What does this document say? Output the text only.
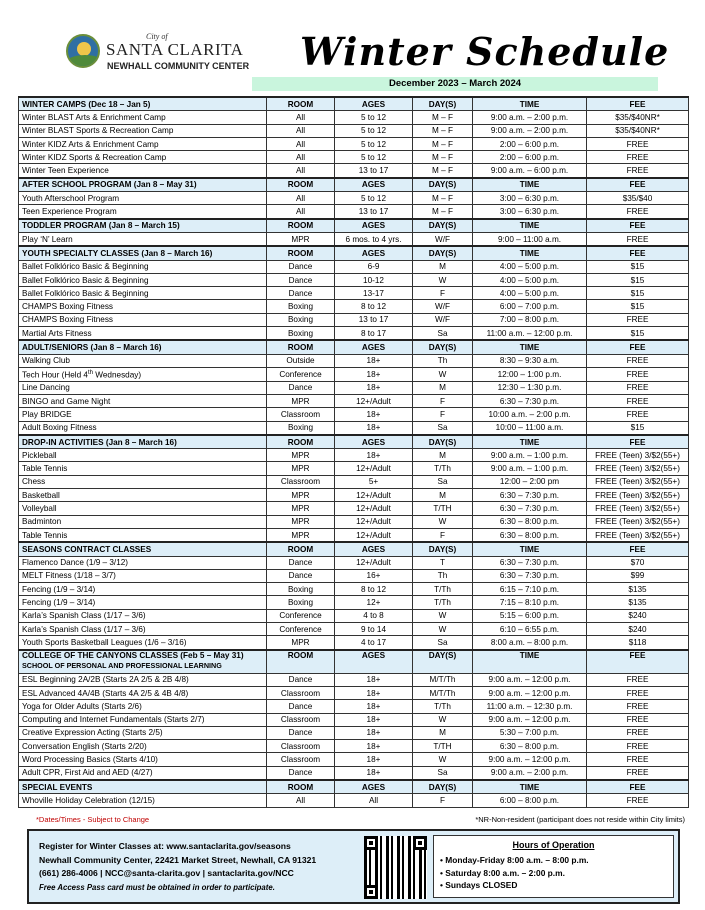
City of
SANTA CLARITA
NEWHALL COMMUNITY CENTER Winter Schedule
December 2023 – March 2024
WINTER CAMPS (Dec 18 – Jan 5)	ROOM	AGES	DAY(S)	TIME	FEE
Winter BLAST Arts & Enrichment Camp	All	5 to 12	M – F	9:00 a.m. – 2:00 p.m.	$35/$40NR*
Winter BLAST Sports & Recreation Camp	All	5 to 12	M – F	9:00 a.m. – 2:00 p.m.	$35/$40NR*
Winter KIDZ Arts & Enrichment Camp	All	5 to 12	M – F	2:00 – 6:00 p.m.	FREE
Winter KIDZ Sports & Recreation Camp	All	5 to 12	M – F	2:00 – 6:00 p.m.	FREE
Winter Teen Experience	All	13 to 17	M – F	9:00 a.m. – 6:00 p.m.	FREE

AFTER SCHOOL PROGRAM (Jan 8 – May 31)	ROOM	AGES	DAY(S)	TIME	FEE
Youth Afterschool Program	All	5 to 12	M – F	3:00 – 6:30 p.m.	$35/$40
Teen Experience Program	All	13 to 17	M – F	3:00 – 6:30 p.m.	FREE

TODDLER PROGRAM (Jan 8 – March 15)	ROOM	AGES	DAY(S)	TIME	FEE
Play ‘N’ Learn	MPR	6 mos. to 4 yrs.	W/F	9:00 – 11:00 a.m.	FREE

YOUTH SPECIALTY CLASSES (Jan 8 – March 16)	ROOM	AGES	DAY(S)	TIME	FEE
Ballet Folklórico Basic & Beginning	Dance	6-9	M	4:00 – 5:00 p.m.	$15
Ballet Folklórico Basic & Beginning	Dance	10-12	W	4:00 – 5:00 p.m.	$15
Ballet Folklórico Basic & Beginning	Dance	13-17	F	4:00 – 5:00 p.m.	$15
CHAMPS Boxing Fitness	Boxing	8 to 12	W/F	6:00 – 7:00 p.m.	$15
CHAMPS Boxing Fitness	Boxing	13 to 17	W/F	7:00 – 8:00 p.m.	FREE
Martial Arts Fitness	Boxing	8 to 17	Sa	11:00 a.m. – 12:00 p.m.	$15

ADULT/SENIORS (Jan 8 – March 16)	ROOM	AGES	DAY(S)	TIME	FEE
Walking Club	Outside	18+	Th	8:30 – 9:30 a.m.	FREE
Tech Hour (Held 4th Wednesday)	Conference	18+	W	12:00 – 1:00 p.m.	FREE
Line Dancing	Dance	18+	M	12:30 – 1:30 p.m.	FREE
BINGO and Game Night	MPR	12+/Adult	F	6:30 – 7:30 p.m.	FREE
Play BRIDGE	Classroom	18+	F	10:00 a.m. – 2:00 p.m.	FREE
Adult Boxing Fitness	Boxing	18+	Sa	10:00 – 11:00 a.m.	$15

DROP-IN ACTIVITIES (Jan 8 – March 16)	ROOM	AGES	DAY(S)	TIME	FEE
Pickleball	MPR	18+	M	9:00 a.m. – 1:00 p.m.	FREE (Teen) 3/$2(55+)
Table Tennis	MPR	12+/Adult	T/Th	9:00 a.m. – 1:00 p.m.	FREE (Teen) 3/$2(55+)
Chess	Classroom	5+	Sa	12:00 – 2:00 pm	FREE (Teen) 3/$2(55+)
Basketball	MPR	12+/Adult	M	6:30 – 7:30 p.m.	FREE (Teen) 3/$2(55+)
Volleyball	MPR	12+/Adult	T/TH	6:30 – 7:30 p.m.	FREE (Teen) 3/$2(55+)
Badminton	MPR	12+/Adult	W	6:30 – 8:00 p.m.	FREE (Teen) 3/$2(55+)
Table Tennis	MPR	12+/Adult	F	6:30 – 8:00 p.m.	FREE (Teen) 3/$2(55+)

SEASONS CONTRACT CLASSES	ROOM	AGES	DAY(S)	TIME	FEE
Flamenco Dance (1/9 – 3/12)	Dance	12+/Adult	T	6:30 – 7:30 p.m.	$70
MELT Fitness (1/18 – 3/7)	Dance	16+	Th	6:30 – 7:30 p.m.	$99
Fencing (1/9 – 3/14)	Boxing	8 to 12	T/Th	6:15 – 7:10 p.m.	$135
Fencing (1/9 – 3/14)	Boxing	12+	T/Th	7:15 – 8:10 p.m.	$135
Karla’s Spanish Class (1/17 – 3/6)	Conference	4 to 8	W	5:15 – 6:00 p.m.	$240
Karla’s Spanish Class (1/17 – 3/6)	Conference	9 to 14	W	6:10 – 6:55 p.m.	$240
Youth Sports Basketball Leagues (1/6 – 3/16)	MPR	4 to 17	Sa	8:00 a.m. – 8:00 p.m.	$118

COLLEGE OF THE CANYONS CLASSES (Feb 5 – May 31)
SCHOOL OF PERSONAL AND PROFESSIONAL LEARNING	ROOM	AGES	DAY(S)	TIME	FEE
ESL Beginning 2A/2B (Starts 2A 2/5 & 2B 4/8)	Dance	18+	M/T/Th	9:00 a.m. – 12:00 p.m.	FREE
ESL Advanced 4A/4B (Starts 4A 2/5 & 4B 4/8)	Classroom	18+	M/T/Th	9:00 a.m. – 12:00 p.m.	FREE
Yoga for Older Adults (Starts 2/6)	Dance	18+	T/Th	11:00 a.m. – 12:30 p.m.	FREE
Computing and Internet Fundamentals (Starts 2/7)	Classroom	18+	W	9:00 a.m. – 12:00 p.m.	FREE
Creative Expression Acting (Starts 2/5)	Dance	18+	M	5:30 – 7:00 p.m.	FREE
Conversation English (Starts 2/20)	Classroom	18+	T/TH	6:30 – 8:00 p.m.	FREE
Word Processing Basics (Starts 4/10)	Classroom	18+	W	9:00 a.m. – 12:00 p.m.	FREE
Adult CPR, First Aid and AED (4/27)	Dance	18+	Sa	9:00 a.m. – 2:00 p.m.	FREE

SPECIAL EVENTS	ROOM	AGES	DAY(S)	TIME	FEE
Whoville Holiday Celebration (12/15)	All	All	F	6:00 – 8:00 p.m.	FREE
*Dates/Times - Subject to Change	*NR-Non-resident (participant does not reside within City limits)
Register for Winter Classes at: www.santaclarita.gov/seasons
Newhall Community Center, 22421 Market Street, Newhall, CA 91321
(661) 286-4006 | NCC@santa-clarita.gov | santaclarita.gov/NCC
Free Access Pass card must be obtained in order to participate.
Hours of Operation
• Monday-Friday 8:00 a.m. – 8:00 p.m.
• Saturday 8:00 a.m. – 2:00 p.m.
• Sundays CLOSED
